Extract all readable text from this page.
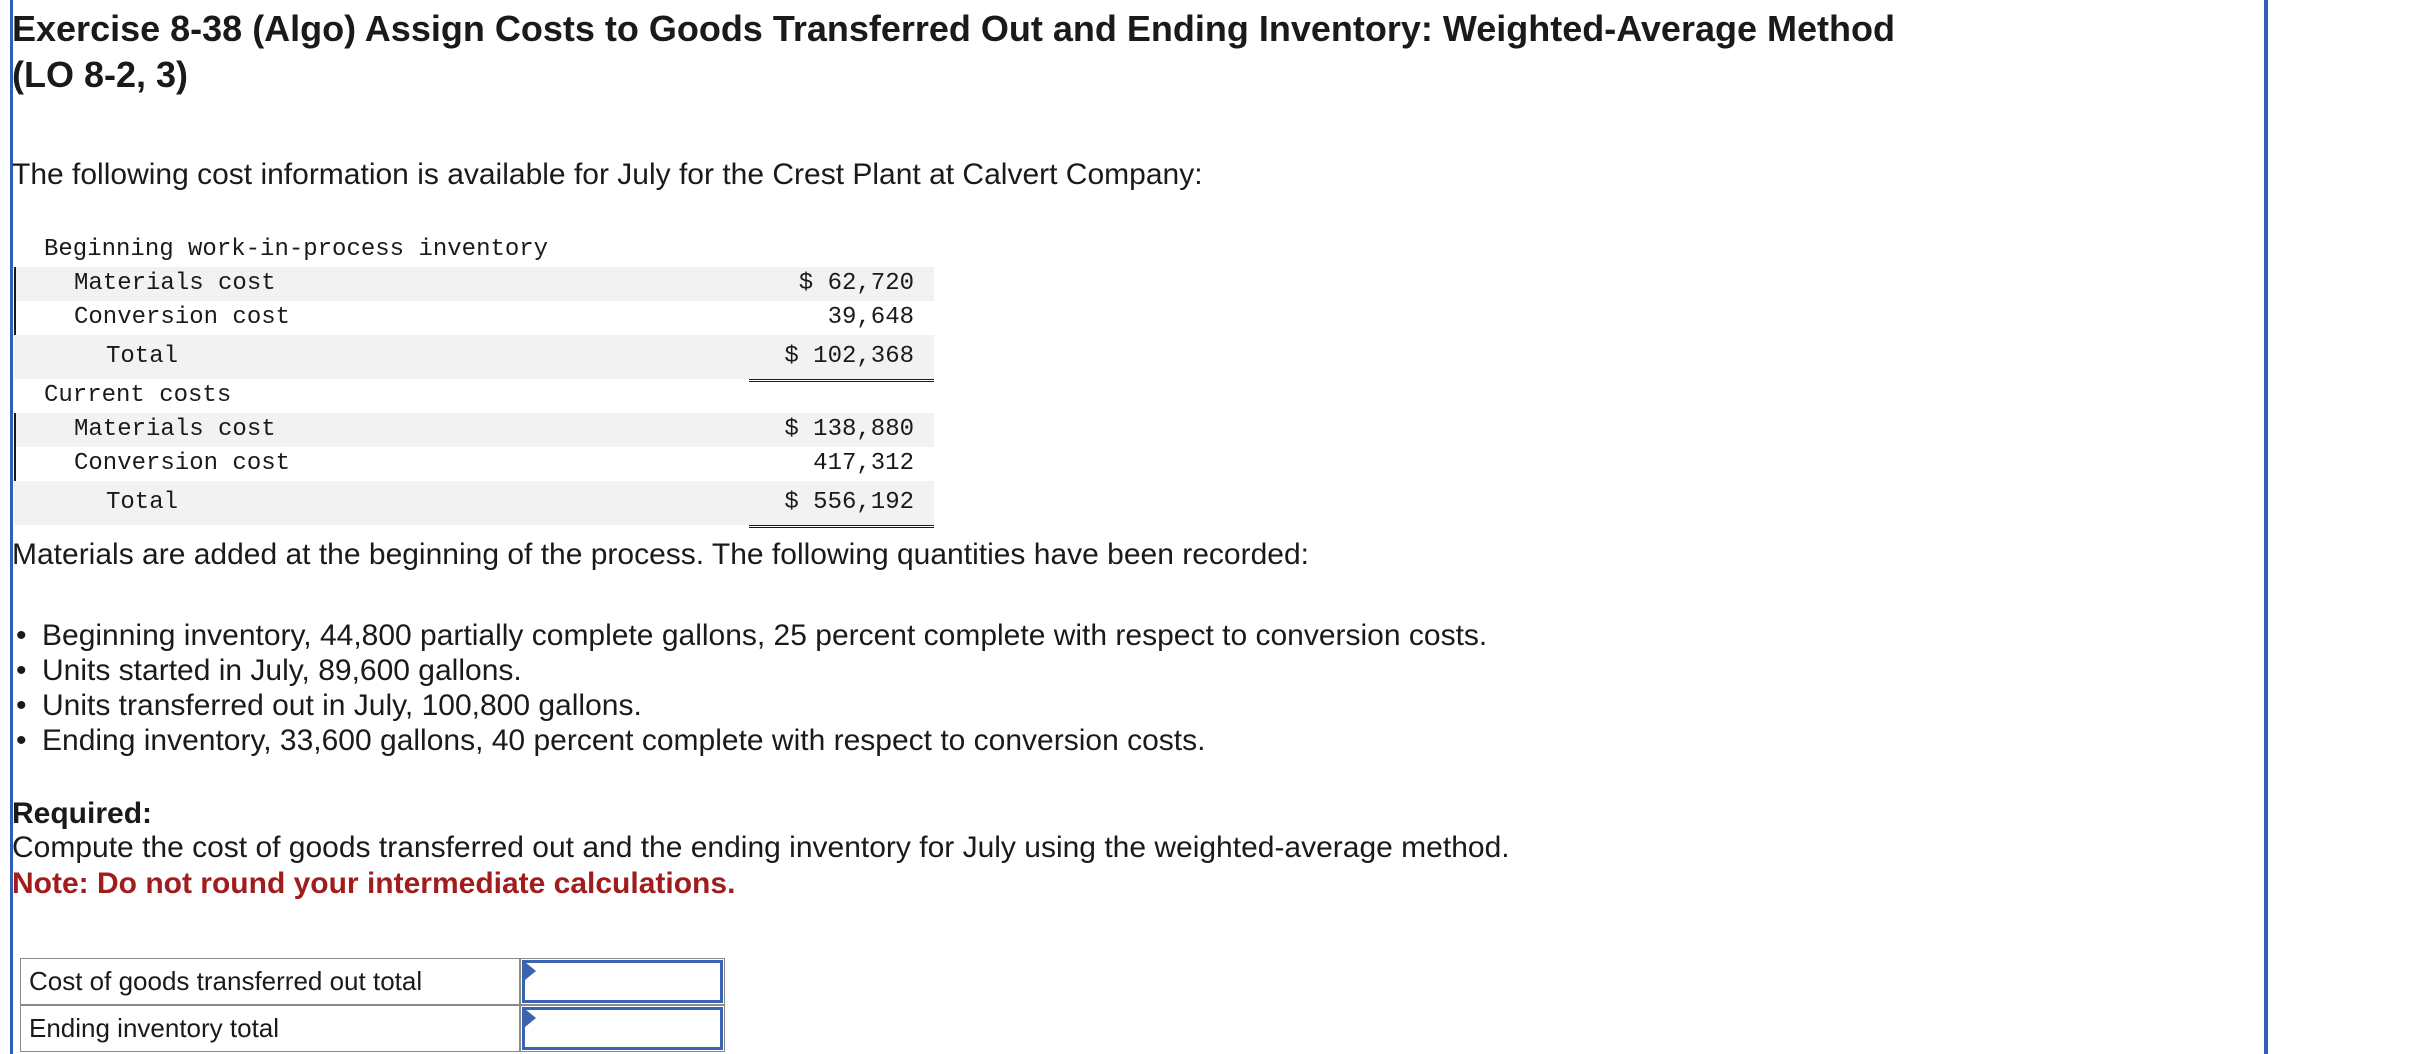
Exercise 8-38 (Algo) Assign Costs to Goods Transferred Out and Ending Inventory: Weighted-Average Method (LO 8-2, 3)
The following cost information is available for July for the Crest Plant at Calvert Company:
Beginning work-in-process inventory
Materials cost	$ 62,720
Conversion cost	39,648
Total	$ 102,368
Current costs
Materials cost	$ 138,880
Conversion cost	417,312
Total	$ 556,192
Materials are added at the beginning of the process. The following quantities have been recorded:
• Beginning inventory, 44,800 partially complete gallons, 25 percent complete with respect to conversion costs.
• Units started in July, 89,600 gallons.
• Units transferred out in July, 100,800 gallons.
• Ending inventory, 33,600 gallons, 40 percent complete with respect to conversion costs.
Required:
Compute the cost of goods transferred out and the ending inventory for July using the weighted-average method.
Note: Do not round your intermediate calculations.
Cost of goods transferred out total
Ending inventory total
